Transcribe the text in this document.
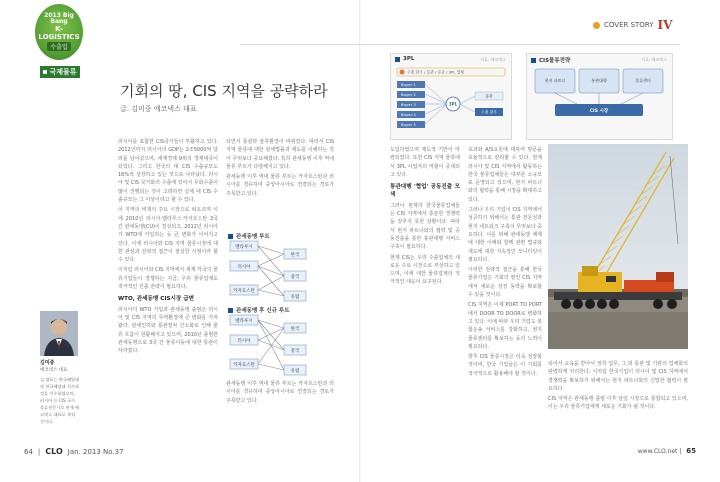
2013 Big Bang
K-LOGISTICS
수출입
국제물류
기회의 땅, CIS 지역을 공략하라
글. 김미중 에코넥스 대표

러시아를 포함한 CIS국가들이 부활하고 있다. 2012년까지 러시아의 GDP는 2조5000억 달러를 넘어섰으며, 세계경제 9위의 경제대국이 되었다. 그리고 한국의 대 CIS 수출규모도 16%씩 성장하고 있는 것으로 나타났다. 러시아 및 CIS 국가와의 수출에 있어서 무화수출이 많이 진행되는 것이 고려하면 실제 대 CIS 수출규모는 그 이상이라고 할 수 있다.

이 지역의 비재의 주요 시장으로 떠오르며 이에 2010년 러시아·벨라루스·카자흐스탄 3국간 관세동맹(CU)이 결성되고, 2012년 러시아가 WTO에 가입하는 등 큰 변화가 이어지고 있다. 이제 러시아와 CIS 지역 물류시장에 대한 관심과 전략적 접근이 절실한 시점이라 할 수 있다.

이처럼 러시아와 CIS 지역에서 세계 각국의 물류기업들이 경쟁하는 지금, 우리 물류업계도 적극적인 진출 전략이 필요하다.

WTO, 관세동맹 CIS시장 급변

러시아의 WTO 가입과 관세동맹 출범은 러시아 및 CIS 지역의 무역환경에 큰 변화를 가져왔다. 관세인하와 통관절차 간소화로 인해 물류 흐름이 원활해지고 있으며, 2010년 출범한 관세동맹으로 3국 간 물류이동에 대한 통관이 사라졌다.

되면서 통관과 물류환경이 바뀌었다. 따라서 CIS 지역 물류에 대한 관세법률과 제도를 이해하는 것이 무엇보다 중요해졌다. 특히 관세동맹 이후 역내 물류 루트가 다양해지고 있다.

관세동맹 이후 역내 물류 루트는 카자흐스탄과 러시아를 경유하여 중앙아시아로 연결되는 경로가 주목받고 있다.

관세동맹 루트
벨라루시
러시아
카자흐스탄
한국
중국
유럽
관세동맹 후 신규 루트
벨라루시
러시아
카자흐스탄
한국
중국
유럽

관세동맹 이후 역내 물류 루트는 카자흐스탄과 러시아를 경유하여 중앙아시아로 연결되는 경로가 주목받고 있다.

김미중
에코넥스 대표
김 대표는 한국해양대 및 한국해양대 석사과정을 이수하였으며, 러시아 등 CIS 국가 물류전문가로 현재 에코넥스 대표로 재직 중이다.
64 | CLO Jan. 2013 No.37
COVER STORY IV
3PL	자료: 에코넥스
수출 화주 / 통관 / 운송 / 3PL 업체
Buyer 1
Buyer 2
Buyer 3
Buyer 4
Buyer 5
3PL
통관
수출 화주
CIS물류전략	자료: 에코넥스
현지 파트너	통관대행	물류센터
CIS 시장

도입하였으며 제도적 기반이 마련되었다. 또한 CIS 지역 물류에서 3PL 사업자의 역할이 증대되고 있다.

통관대행 '협업' 공동진출 모색

그러나 현재의 한국물류업체들은 CIS 지역에서 충분한 경쟁력을 갖추지 못한 상황이다. 따라서 현지 파트너와의 협력 및 공동진출을 통한 통관대행 서비스 구축이 필요하다.

현재 CIS는 우리 수출업체의 새로운 수요 시장으로 부상하고 있으며, 이에 대한 물류업계의 적극적인 대응이 요구된다.

효과와 A/S요원에 대하여 방문을 효율적으로 관리할 수 있다. 현재 러시아 및 CIS 지역에서 활동하는 한국 물류업체들은 대부분 소규모로 운영되고 있으며, 현지 파트너와의 협력을 통해 시장을 확대하고 있다.

그러나 우리 기업이 CIS 지역에서 성공하기 위해서는 통관 전문성과 현지 네트워크 구축이 무엇보다 중요하다. 이를 위해 관세동맹 체제에 대한 이해와 함께 관련 법규와 제도에 대한 지속적인 모니터링이 필요하다.

이러한 전략적 접근을 통해 한국 물류기업은 기회의 땅인 CIS 지역에서 새로운 성장 동력을 확보할 수 있을 것이다.

CIS 지역은 이제 PORT TO PORT에서 DOOR TO DOOR로 변화하고 있다. 이에 따라 우리 기업도 복합운송 서비스를 강화하고, 현지 물류센터를 확보하는 등의 노력이 필요하다.

향후 CIS 물류시장은 더욱 성장할 것이며, 한국 기업들은 이 기회를 적극적으로 활용해야 할 것이다.

되어서 교육을 받아서 정착 업무, 그 외 통관 및 기관의 업체화의 완벽하게 처리한다. 이처럼 한국기업이 러시아 및 CIS 지역에서 경쟁력을 확보하기 위해서는 현지 파트너와의 긴밀한 협력이 필요하다.

CIS 지역은 관세동맹 출범 이후 단일 시장으로 통합되고 있으며, 이는 우리 물류기업에게 새로운 기회가 될 것이다.

www.CLO.net | 65
